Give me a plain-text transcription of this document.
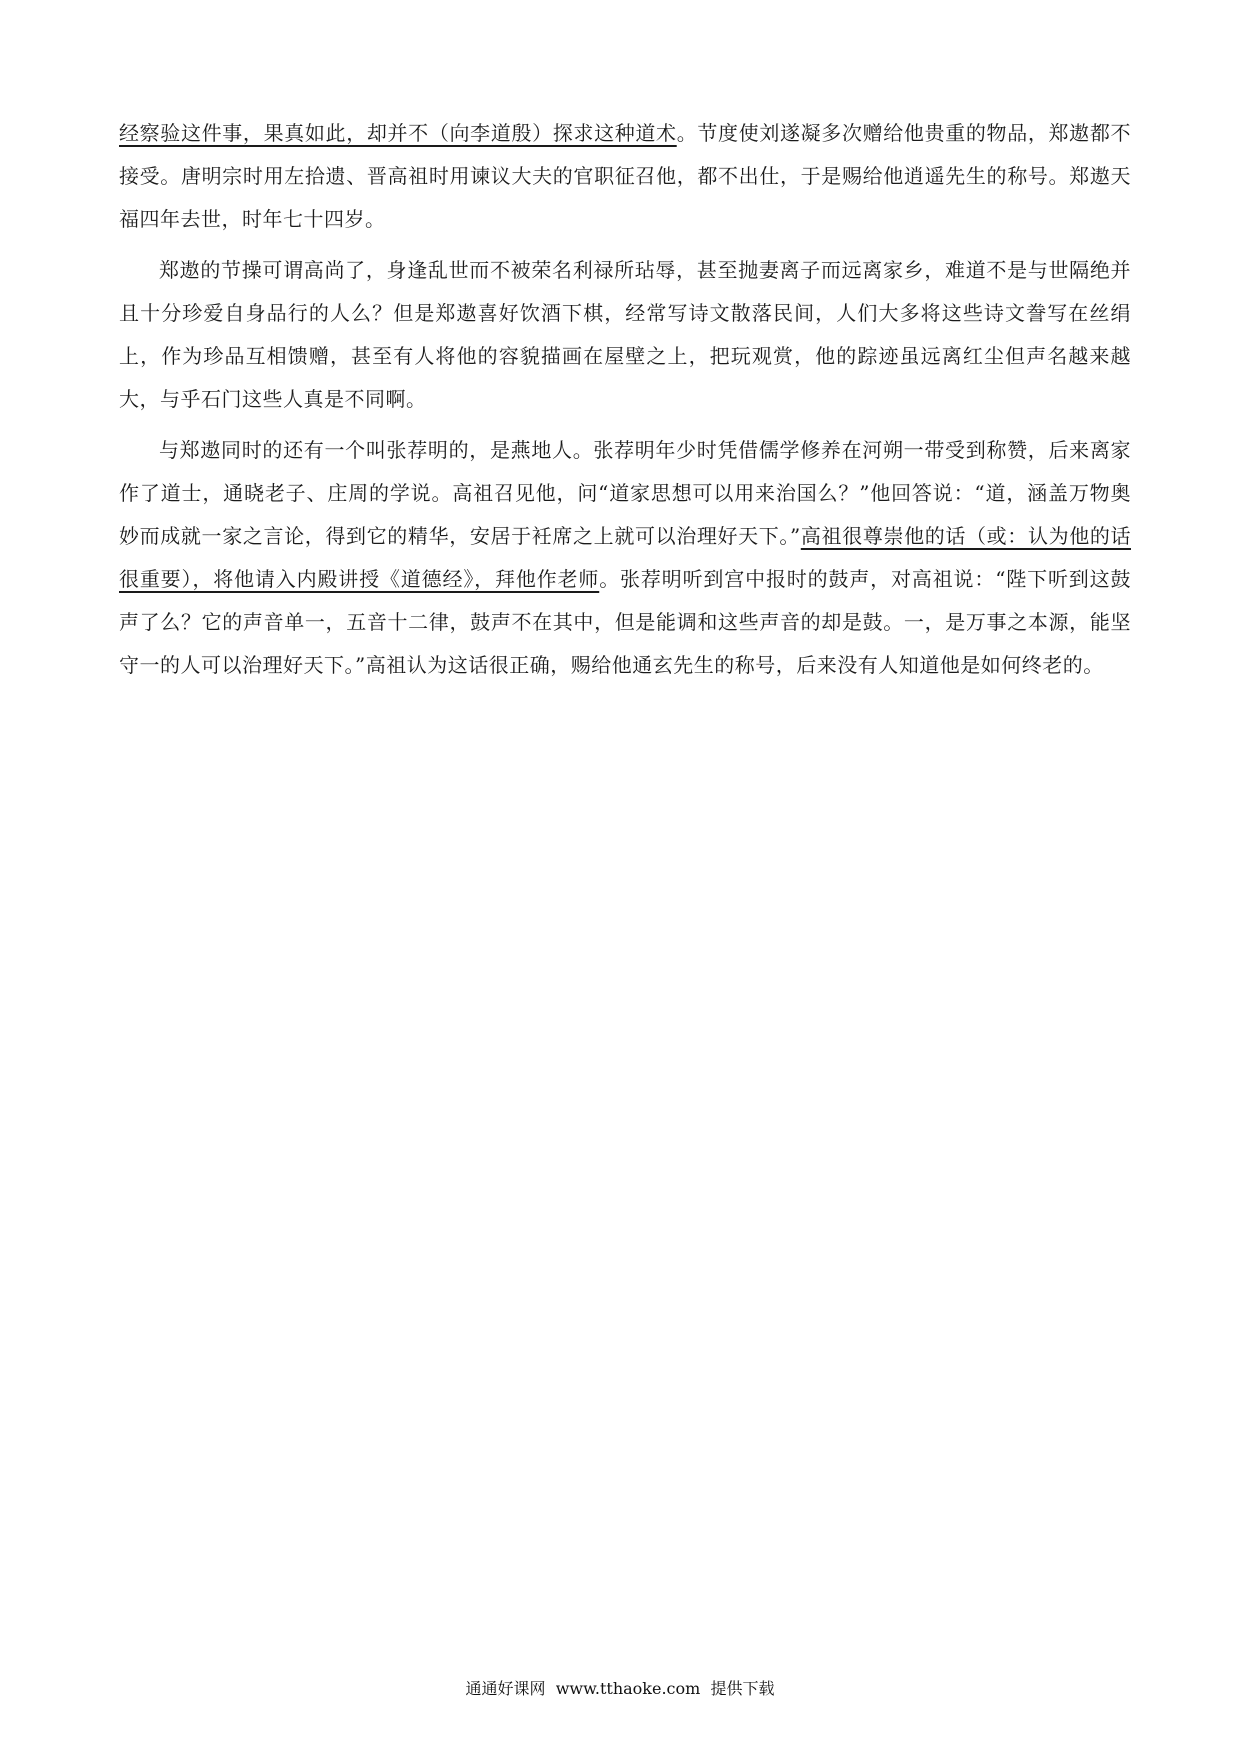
经察验这件事，果真如此，却并不（向李道殷）探求这种道术。节度使刘遂凝多次赠给他贵重的物品，郑遨都不接受。唐明宗时用左拾遗、晋高祖时用谏议大夫的官职征召他，都不出仕，于是赐给他逍遥先生的称号。郑遨天福四年去世，时年七十四岁。

郑遨的节操可谓高尚了，身逢乱世而不被荣名利禄所玷辱，甚至抛妻离子而远离家乡，难道不是与世隔绝并且十分珍爱自身品行的人么？但是郑遨喜好饮酒下棋，经常写诗文散落民间，人们大多将这些诗文誊写在丝绢上，作为珍品互相馈赠，甚至有人将他的容貌描画在屋壁之上，把玩观赏，他的踪迹虽远离红尘但声名越来越大，与乎石门这些人真是不同啊。

与郑遨同时的还有一个叫张荐明的，是燕地人。张荐明年少时凭借儒学修养在河朔一带受到称赞，后来离家作了道士，通晓老子、庄周的学说。高祖召见他，问“道家思想可以用来治国么？”他回答说：“道，涵盖万物奥妙而成就一家之言论，得到它的精华，安居于衽席之上就可以治理好天下。”高祖很尊崇他的话（或：认为他的话很重要），将他请入内殿讲授《道德经》，拜他作老师。张荐明听到宫中报时的鼓声，对高祖说：“陛下听到这鼓声了么？它的声音单一，五音十二律，鼓声不在其中，但是能调和这些声音的却是鼓。一，是万事之本源，能坚守一的人可以治理好天下。”高祖认为这话很正确，赐给他通玄先生的称号，后来没有人知道他是如何终老的。

通通好课网 www.tthaoke.com 提供下载
